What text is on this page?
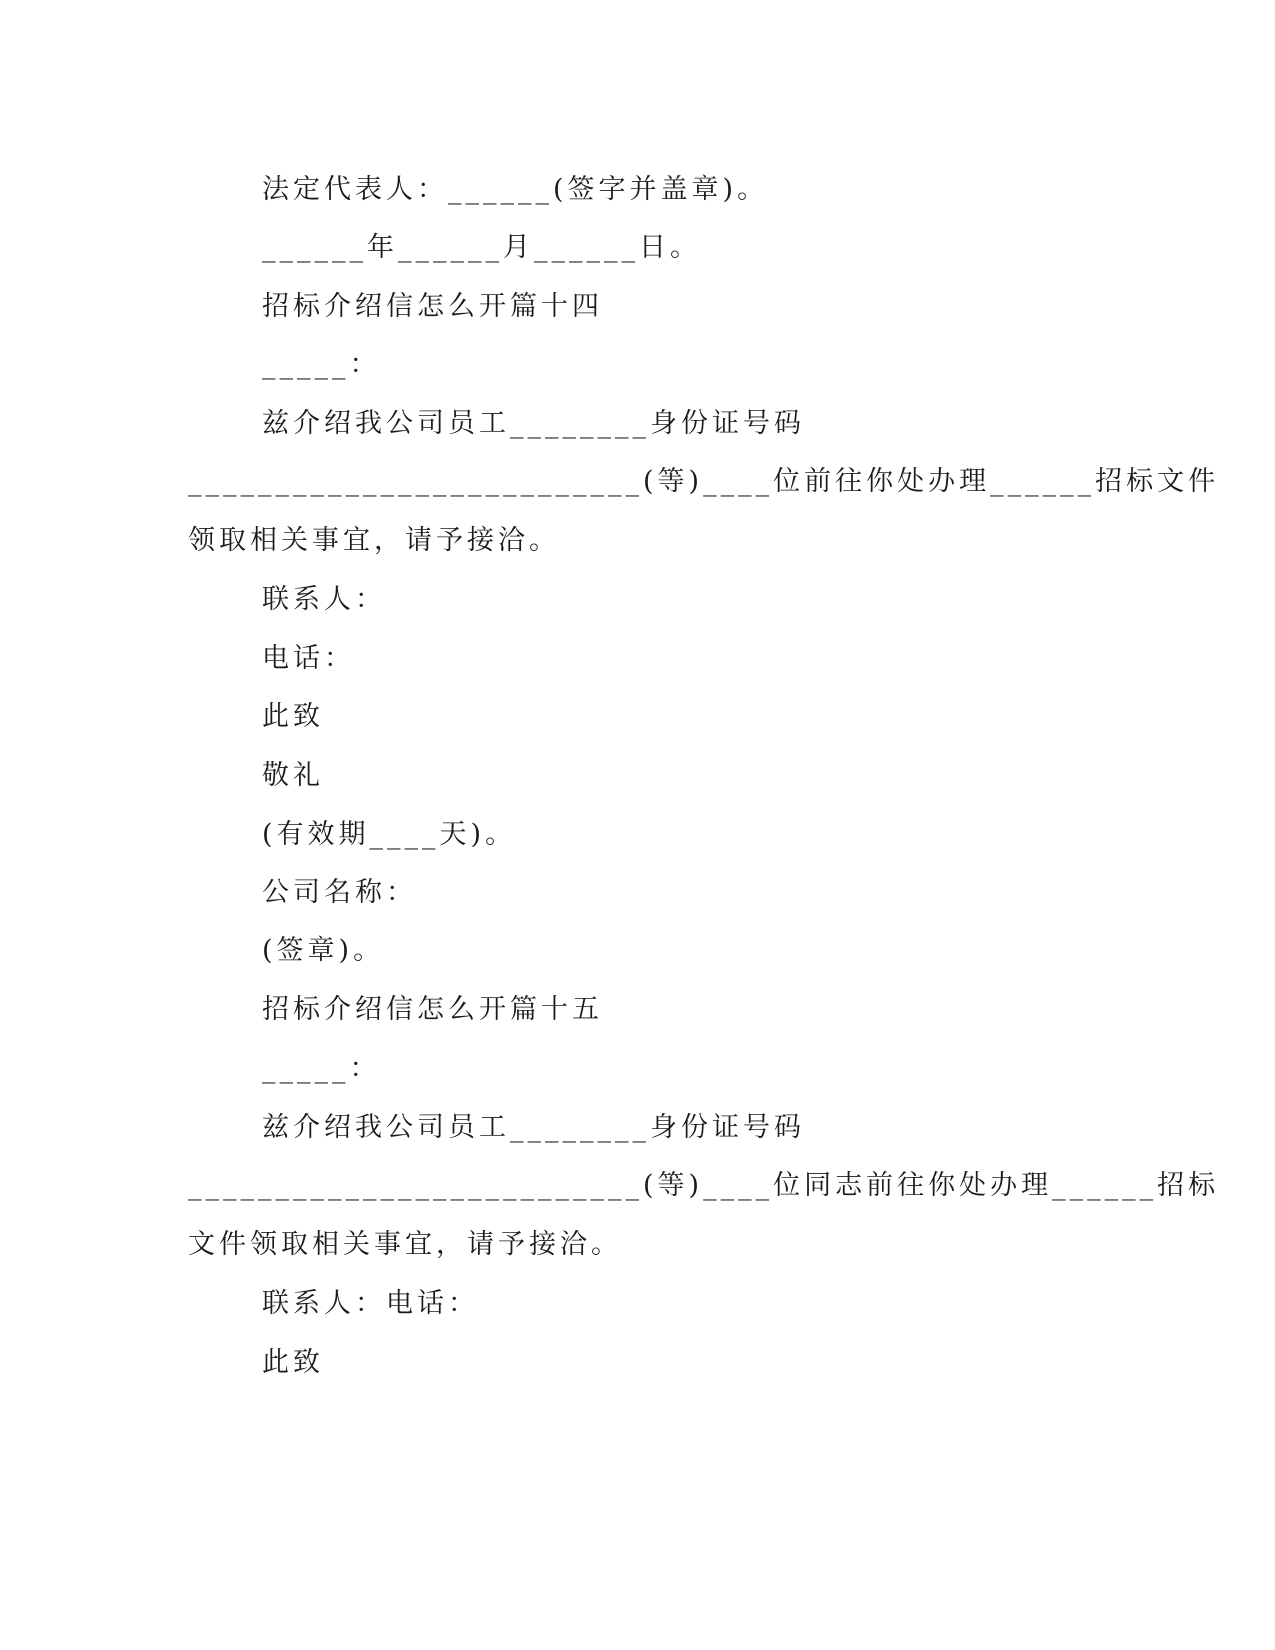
法定代表人：______(签字并盖章)。
______年______月______日。
招标介绍信怎么开篇十四
_____：
兹介绍我公司员工________身份证号码
__________________________(等)____位前往你处办理______招标文件
领取相关事宜，请予接洽。
联系人：
电话：
此致
敬礼
(有效期____天)。
公司名称：
(签章)。
招标介绍信怎么开篇十五
_____：
兹介绍我公司员工________身份证号码
__________________________(等)____位同志前往你处办理______招标
文件领取相关事宜，请予接洽。
联系人：电话：
此致
